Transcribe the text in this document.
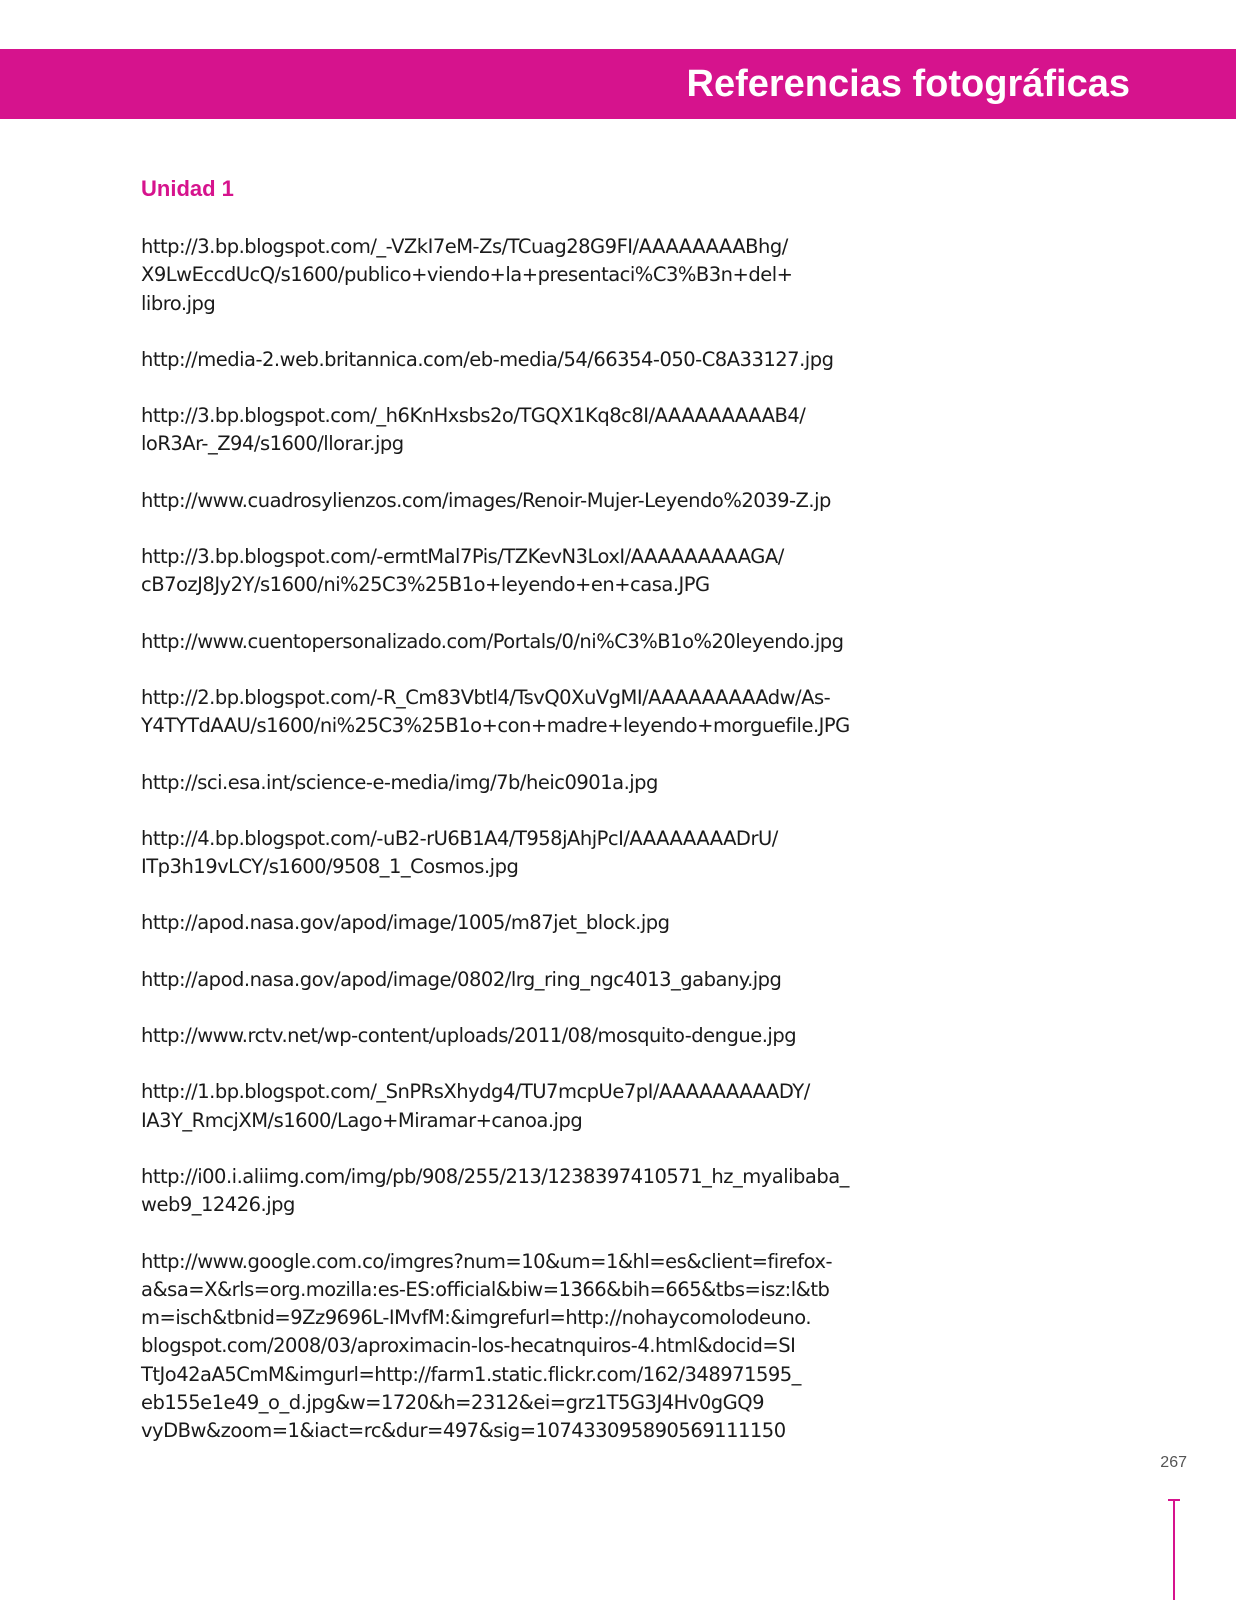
Referencias fotográficas
Unidad 1
http://3.bp.blogspot.com/_-VZkI7eM-Zs/TCuag28G9FI/AAAAAAAABhg/
X9LwEccdUcQ/s1600/publico+viendo+la+presentaci%C3%B3n+del+
libro.jpg
http://media-2.web.britannica.com/eb-media/54/66354-050-C8A33127.jpg
http://3.bp.blogspot.com/_h6KnHxsbs2o/TGQX1Kq8c8I/AAAAAAAAAB4/
loR3Ar-_Z94/s1600/llorar.jpg
http://www.cuadrosylienzos.com/images/Renoir-Mujer-Leyendo%2039-Z.jp
http://3.bp.blogspot.com/-ermtMal7Pis/TZKevN3LoxI/AAAAAAAAAGA/
cB7ozJ8Jy2Y/s1600/ni%25C3%25B1o+leyendo+en+casa.JPG
http://www.cuentopersonalizado.com/Portals/0/ni%C3%B1o%20leyendo.jpg
http://2.bp.blogspot.com/-R_Cm83Vbtl4/TsvQ0XuVgMI/AAAAAAAAAdw/As-
Y4TYTdAAU/s1600/ni%25C3%25B1o+con+madre+leyendo+morguefile.JPG
http://sci.esa.int/science-e-media/img/7b/heic0901a.jpg
http://4.bp.blogspot.com/-uB2-rU6B1A4/T958jAhjPcI/AAAAAAAADrU/
ITp3h19vLCY/s1600/9508_1_Cosmos.jpg
http://apod.nasa.gov/apod/image/1005/m87jet_block.jpg
http://apod.nasa.gov/apod/image/0802/lrg_ring_ngc4013_gabany.jpg
http://www.rctv.net/wp-content/uploads/2011/08/mosquito-dengue.jpg
http://1.bp.blogspot.com/_SnPRsXhydg4/TU7mcpUe7pI/AAAAAAAAADY/
IA3Y_RmcjXM/s1600/Lago+Miramar+canoa.jpg
http://i00.i.aliimg.com/img/pb/908/255/213/1238397410571_hz_myalibaba_
web9_12426.jpg
http://www.google.com.co/imgres?num=10&um=1&hl=es&client=firefox-
a&sa=X&rls=org.mozilla:es-ES:official&biw=1366&bih=665&tbs=isz:l&tb
m=isch&tbnid=9Zz9696L-IMvfM:&imgrefurl=http://nohaycomolodeuno.
blogspot.com/2008/03/aproximacin-los-hecatnquiros-4.html&docid=SI
TtJo42aA5CmM&imgurl=http://farm1.static.flickr.com/162/348971595_
eb155e1e49_o_d.jpg&w=1720&h=2312&ei=grz1T5G3J4Hv0gGQ9
vyDBw&zoom=1&iact=rc&dur=497&sig=107433095890569111150
267
